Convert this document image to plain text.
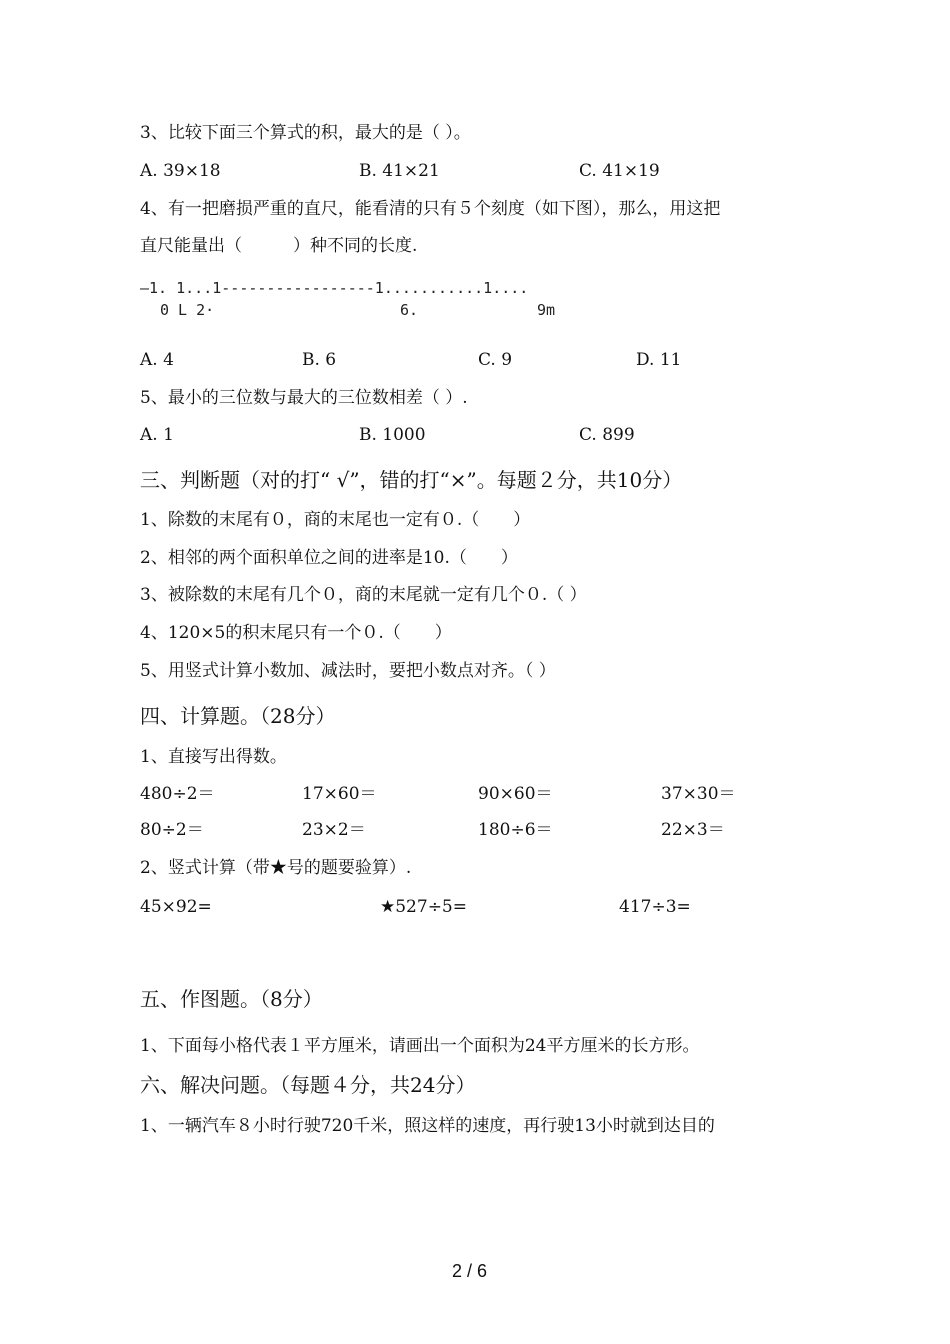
3、比较下面三个算式的积，最大的是（ ）。
A. 39×18	B. 41×21	C. 41×19
4、有一把磨损严重的直尺，能看清的只有５个刻度（如下图），那么，用这把
直尺能量出（　　　）种不同的长度.
—1. 1...1-----------------1...........1....
0 L 2·	6.	9m
A. 4	B. 6	C. 9	D. 11
5、最小的三位数与最大的三位数相差（ ）.
A. 1	B. 1000	C. 899
三、判断题（对的打“ √”，错的打“×”。每题２分，共10分）
1、除数的末尾有０，商的末尾也一定有０.（　　）
2、相邻的两个面积单位之间的进率是10.（　　）
3、被除数的末尾有几个０，商的末尾就一定有几个０.（ ）
4、120×5的积末尾只有一个０.（　　）
5、用竖式计算小数加、减法时，要把小数点对齐。（ ）
四、计算题。（28分）
1、直接写出得数。
480÷2＝	17×60＝	90×60＝	37×30＝
80÷2＝	23×2＝	180÷6＝	22×3＝
2、竖式计算（带★号的题要验算）.
45×92=	★527÷5=	417÷3=
五、作图题。（8分）
1、下面每小格代表１平方厘米，请画出一个面积为24平方厘米的长方形。
六、解决问题。（每题４分，共24分）
1、一辆汽车８小时行驶720千米，照这样的速度，再行驶13小时就到达目的
2 / 6
